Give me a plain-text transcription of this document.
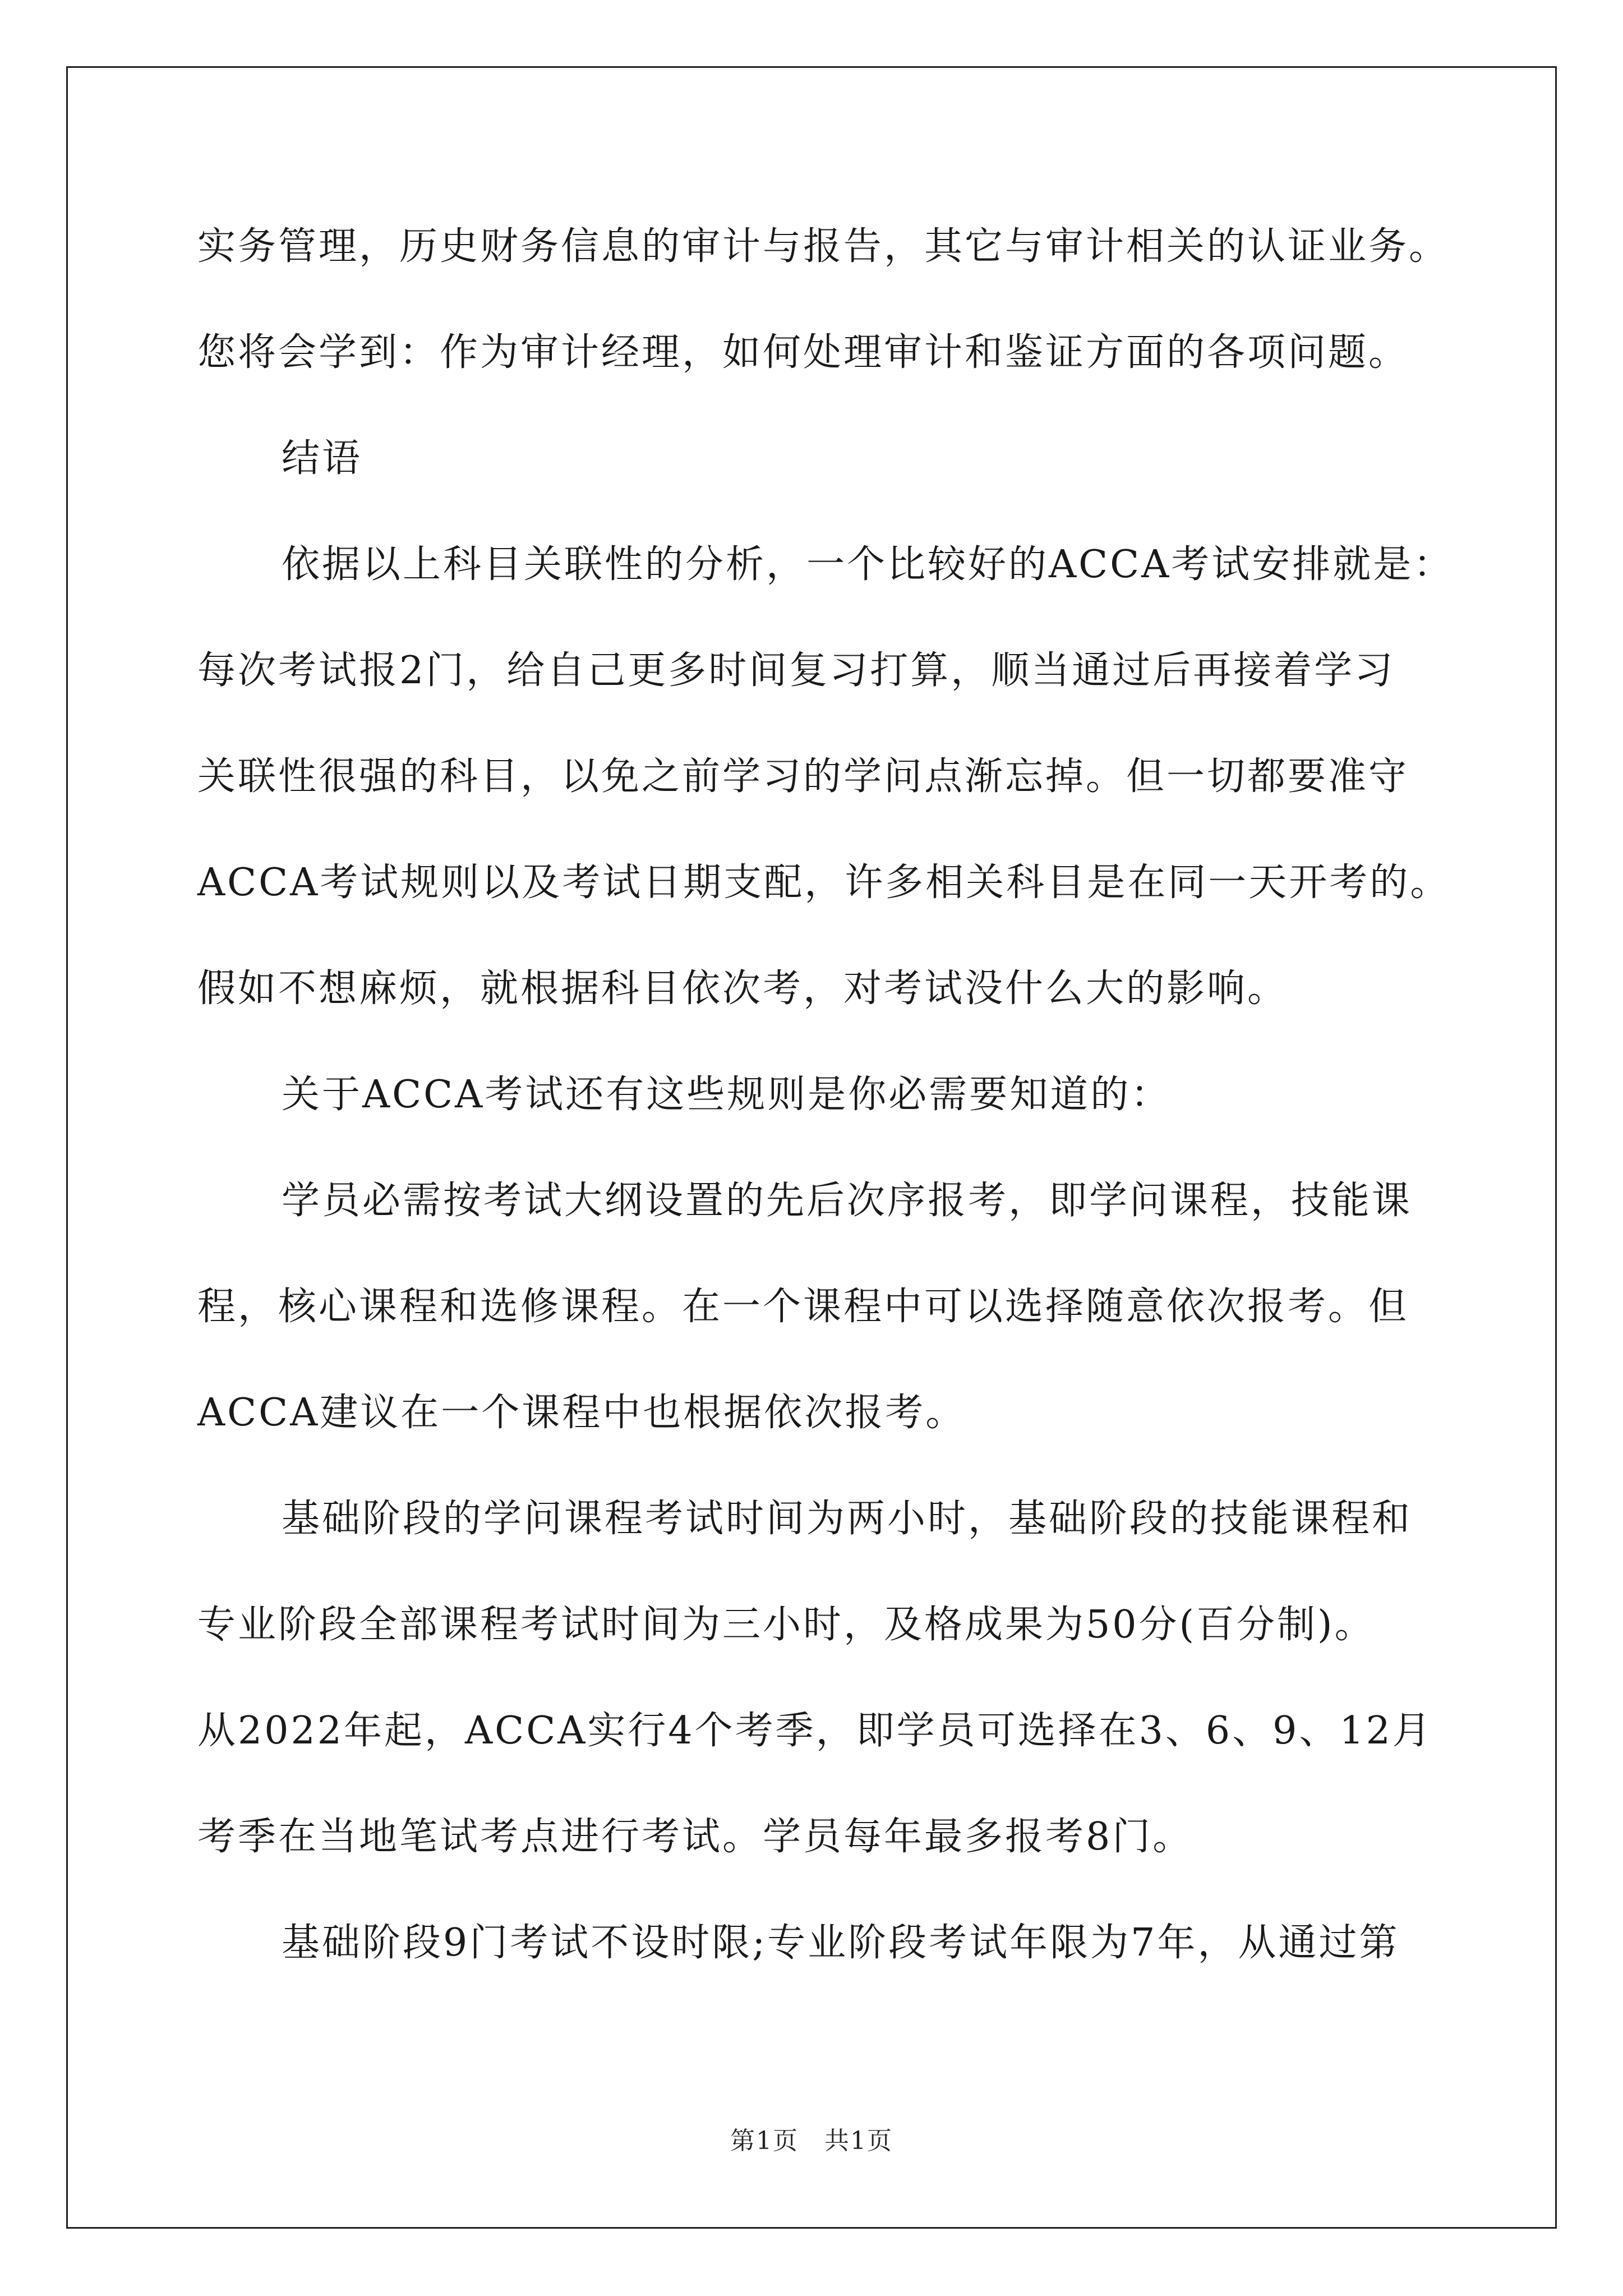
实务管理，历史财务信息的审计与报告，其它与审计相关的认证业务。
您将会学到：作为审计经理，如何处理审计和鉴证方面的各项问题。
结语
依据以上科目关联性的分析，一个比较好的ACCA考试安排就是：
每次考试报2门，给自己更多时间复习打算，顺当通过后再接着学习
关联性很强的科目，以免之前学习的学问点渐忘掉。但一切都要准守
ACCA考试规则以及考试日期支配，许多相关科目是在同一天开考的。
假如不想麻烦，就根据科目依次考，对考试没什么大的影响。
关于ACCA考试还有这些规则是你必需要知道的：
学员必需按考试大纲设置的先后次序报考，即学问课程，技能课
程，核心课程和选修课程。在一个课程中可以选择随意依次报考。但
ACCA建议在一个课程中也根据依次报考。
基础阶段的学问课程考试时间为两小时，基础阶段的技能课程和
专业阶段全部课程考试时间为三小时，及格成果为50分(百分制)。
从2022年起，ACCA实行4个考季，即学员可选择在3、6、9、12月
考季在当地笔试考点进行考试。学员每年最多报考8门。
基础阶段9门考试不设时限;专业阶段考试年限为7年，从通过第
第1页　共1页
